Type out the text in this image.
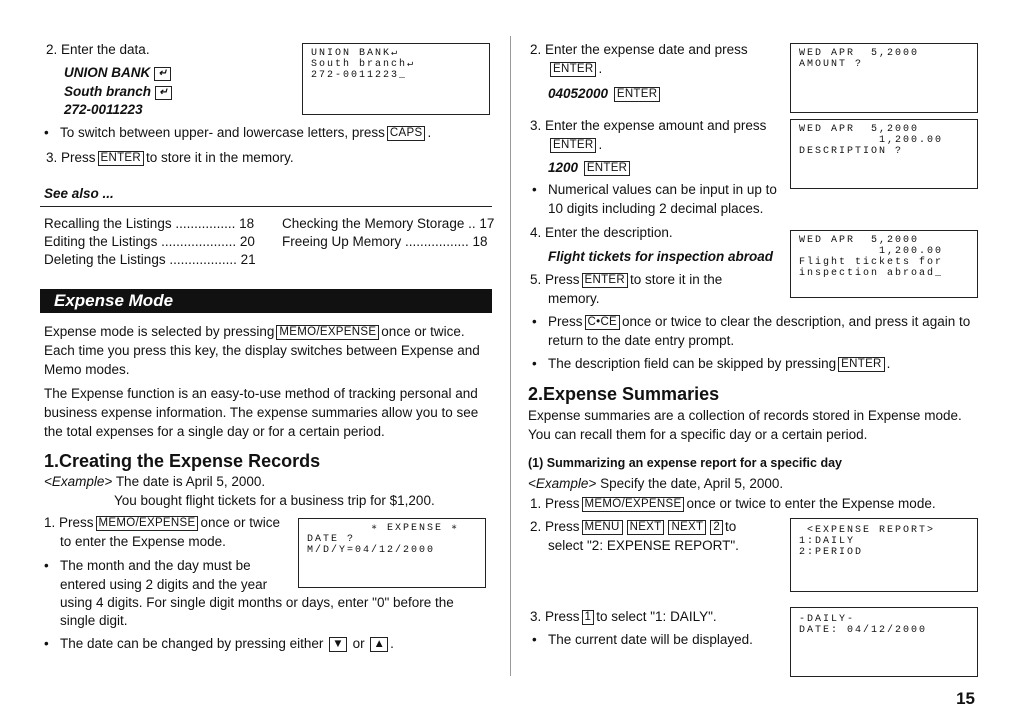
2. Enter the data.
UNION BANK ↵
South branch ↵
272-0011223
UNION BANK↵
South branch↵
272-0011223_
• To switch between upper- and lowercase letters, press CAPS .
3. Press ENTER to store it in the memory.
See also ...
Recalling the Listings ................ 18
Editing the Listings .................... 20
Deleting the Listings .................. 21
Checking the Memory Storage .. 17
Freeing Up Memory ................. 18
Expense Mode
Expense mode is selected by pressing MEMO/EXPENSE once or twice.
Each time you press this key, the display switches between Expense and
Memo modes.
The Expense function is an easy-to-use method of tracking personal and
business expense information. The expense summaries allow you to see
the total expenses for a single day or for a certain period.
1.Creating the Expense Records
<Example> The date is April 5, 2000.
You bought flight tickets for a business trip for $1,200.
1. Press MEMO/EXPENSE once or twice
to enter the Expense mode.
∗ EXPENSE ∗
DATE ?
M/D/Y=04/12/2000
• The month and the day must be
entered using 2 digits and the year
using 4 digits. For single digit months or days, enter "0" before the
single digit.
• The date can be changed by pressing either ▼ or ▲ .
2. Enter the expense date and press
ENTER .
04052000 ENTER
WED APR  5,2000
AMOUNT ?
3. Enter the expense amount and press
ENTER .
1200 ENTER
WED APR  5,2000
1,200.00
DESCRIPTION ?
• Numerical values can be input in up to
10 digits including 2 decimal places.
4. Enter the description.
Flight tickets for inspection abroad
WED APR  5,2000
1,200.00
Flight tickets for
inspection abroad_
5. Press ENTER to store it in the
memory.
• Press C•CE once or twice to clear the description, and press it again to
return to the date entry prompt.
• The description field can be skipped by pressing ENTER .
2.Expense Summaries
Expense summaries are a collection of records stored in Expense mode.
You can recall them for a specific day or a certain period.
(1) Summarizing an expense report for a specific day
<Example> Specify the date, April 5, 2000.
1. Press MEMO/EXPENSE once or twice to enter the Expense mode.
2. Press MENU NEXT NEXT 2 to
select "2: EXPENSE REPORT".
<EXPENSE REPORT>
1:DAILY
2:PERIOD
3. Press 1 to select "1: DAILY".
• The current date will be displayed.
-DAILY-
DATE: 04/12/2000
15
